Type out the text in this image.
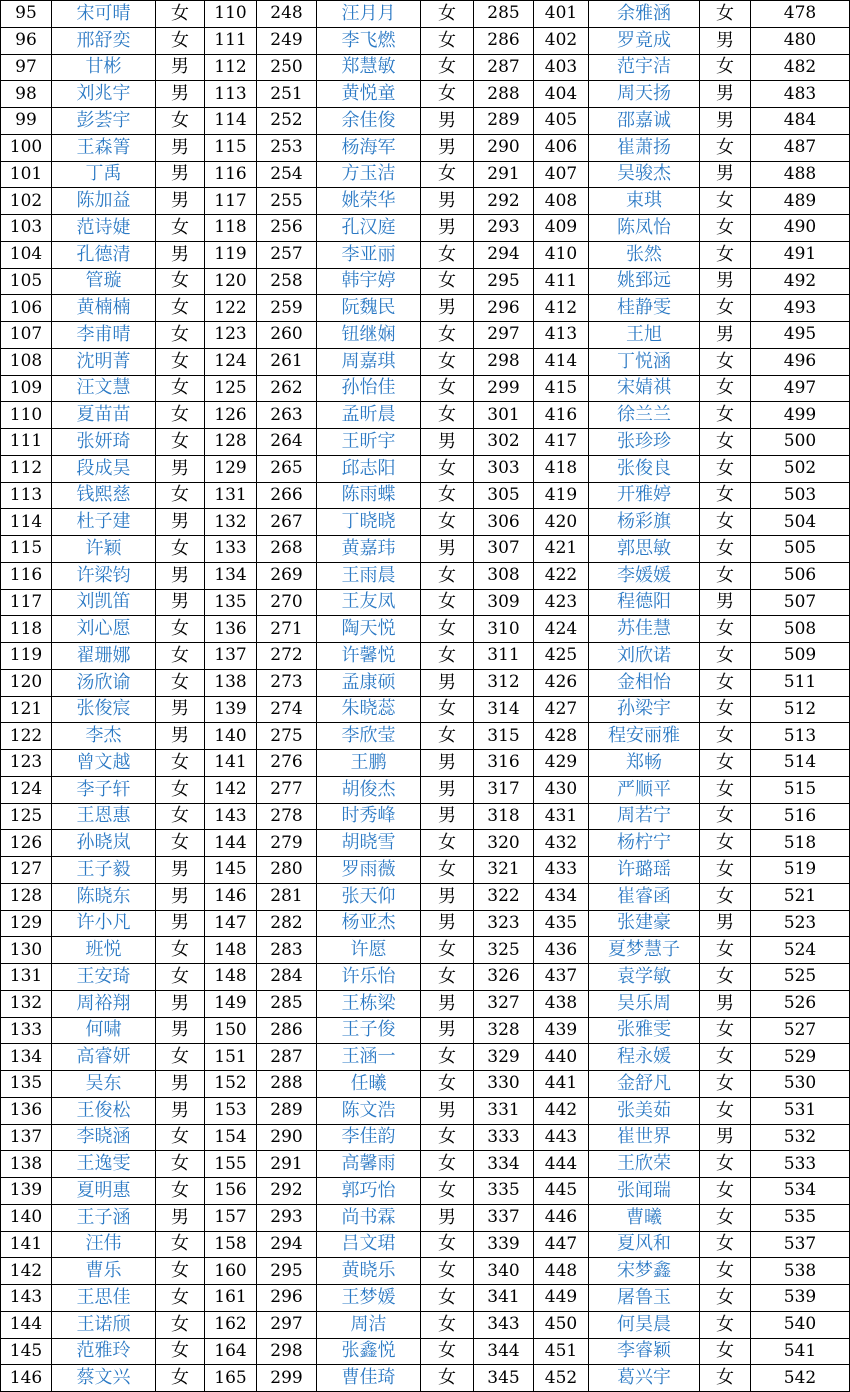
95	宋可晴	女	110	248	汪月月	女	285	401	余雅涵	女	478
96	邢舒奕	女	111	249	李飞燃	女	286	402	罗竟成	男	480
97	甘彬	男	112	250	郑慧敏	女	287	403	范宇洁	女	482
98	刘兆宇	男	113	251	黄悦童	女	288	404	周天扬	男	483
99	彭荟宇	女	114	252	余佳俊	男	289	405	邵嘉诚	男	484
100	王森箐	男	115	253	杨海军	男	290	406	崔萧扬	女	487
101	丁禹	男	116	254	方玉洁	女	291	407	吴骏杰	男	488
102	陈加益	男	117	255	姚荣华	男	292	408	束琪	女	489
103	范诗婕	女	118	256	孔汉庭	男	293	409	陈凤怡	女	490
104	孔德清	男	119	257	李亚丽	女	294	410	张然	女	491
105	管璇	女	120	258	韩宇婷	女	295	411	姚郅远	男	492
106	黄楠楠	女	122	259	阮魏民	男	296	412	桂静雯	女	493
107	李甫晴	女	123	260	钮继娴	女	297	413	王旭	男	495
108	沈明菁	女	124	261	周嘉琪	女	298	414	丁悦涵	女	496
109	汪文慧	女	125	262	孙怡佳	女	299	415	宋婧祺	女	497
110	夏苗苗	女	126	263	孟昕晨	女	301	416	徐兰兰	女	499
111	张妍琦	女	128	264	王昕宇	男	302	417	张珍珍	女	500
112	段成昊	男	129	265	邱志阳	女	303	418	张俊良	女	502
113	钱熙慈	女	131	266	陈雨蝶	女	305	419	开雅婷	女	503
114	杜子建	男	132	267	丁晓晓	女	306	420	杨彩旗	女	504
115	许颖	女	133	268	黄嘉玮	男	307	421	郭思敏	女	505
116	许梁钧	男	134	269	王雨晨	女	308	422	李媛媛	女	506
117	刘凯笛	男	135	270	王友凤	女	309	423	程德阳	男	507
118	刘心愿	女	136	271	陶天悦	女	310	424	苏佳慧	女	508
119	翟珊娜	女	137	272	许馨悦	女	311	425	刘欣诺	女	509
120	汤欣谕	女	138	273	孟康硕	男	312	426	金相怡	女	511
121	张俊宸	男	139	274	朱晓蕊	女	314	427	孙梁宇	女	512
122	李杰	男	140	275	李欣莹	女	315	428	程安丽雅	女	513
123	曾文越	女	141	276	王鹏	男	316	429	郑畅	女	514
124	李子轩	女	142	277	胡俊杰	男	317	430	严顺平	女	515
125	王恩惠	女	143	278	时秀峰	男	318	431	周若宁	女	516
126	孙晓岚	女	144	279	胡晓雪	女	320	432	杨柠宁	女	518
127	王子毅	男	145	280	罗雨薇	女	321	433	许璐瑶	女	519
128	陈晓东	男	146	281	张天仰	男	322	434	崔睿函	女	521
129	许小凡	男	147	282	杨亚杰	男	323	435	张建豪	男	523
130	班悦	女	148	283	许愿	女	325	436	夏梦慧子	女	524
131	王安琦	女	148	284	许乐怡	女	326	437	袁学敏	女	525
132	周裕翔	男	149	285	王栋梁	男	327	438	吴乐周	男	526
133	何啸	男	150	286	王子俊	男	328	439	张雅雯	女	527
134	高睿妍	女	151	287	王涵一	女	329	440	程永媛	女	529
135	吴东	男	152	288	任曦	女	330	441	金舒凡	女	530
136	王俊松	男	153	289	陈文浩	男	331	442	张美茹	女	531
137	李晓涵	女	154	290	李佳韵	女	333	443	崔世界	男	532
138	王逸雯	女	155	291	高馨雨	女	334	444	王欣荣	女	533
139	夏明惠	女	156	292	郭巧怡	女	335	445	张闻瑞	女	534
140	王子涵	男	157	293	尚书霖	男	337	446	曹曦	女	535
141	汪伟	女	158	294	吕文珺	女	339	447	夏风和	女	537
142	曹乐	女	160	295	黄晓乐	女	340	448	宋梦鑫	女	538
143	王思佳	女	161	296	王梦媛	女	341	449	屠鲁玉	女	539
144	王诺颀	女	162	297	周洁	女	343	450	何昊晨	女	540
145	范雅玲	女	164	298	张鑫悦	女	344	451	李睿颖	女	541
146	蔡文兴	女	165	299	曹佳琦	女	345	452	葛兴宇	女	542
